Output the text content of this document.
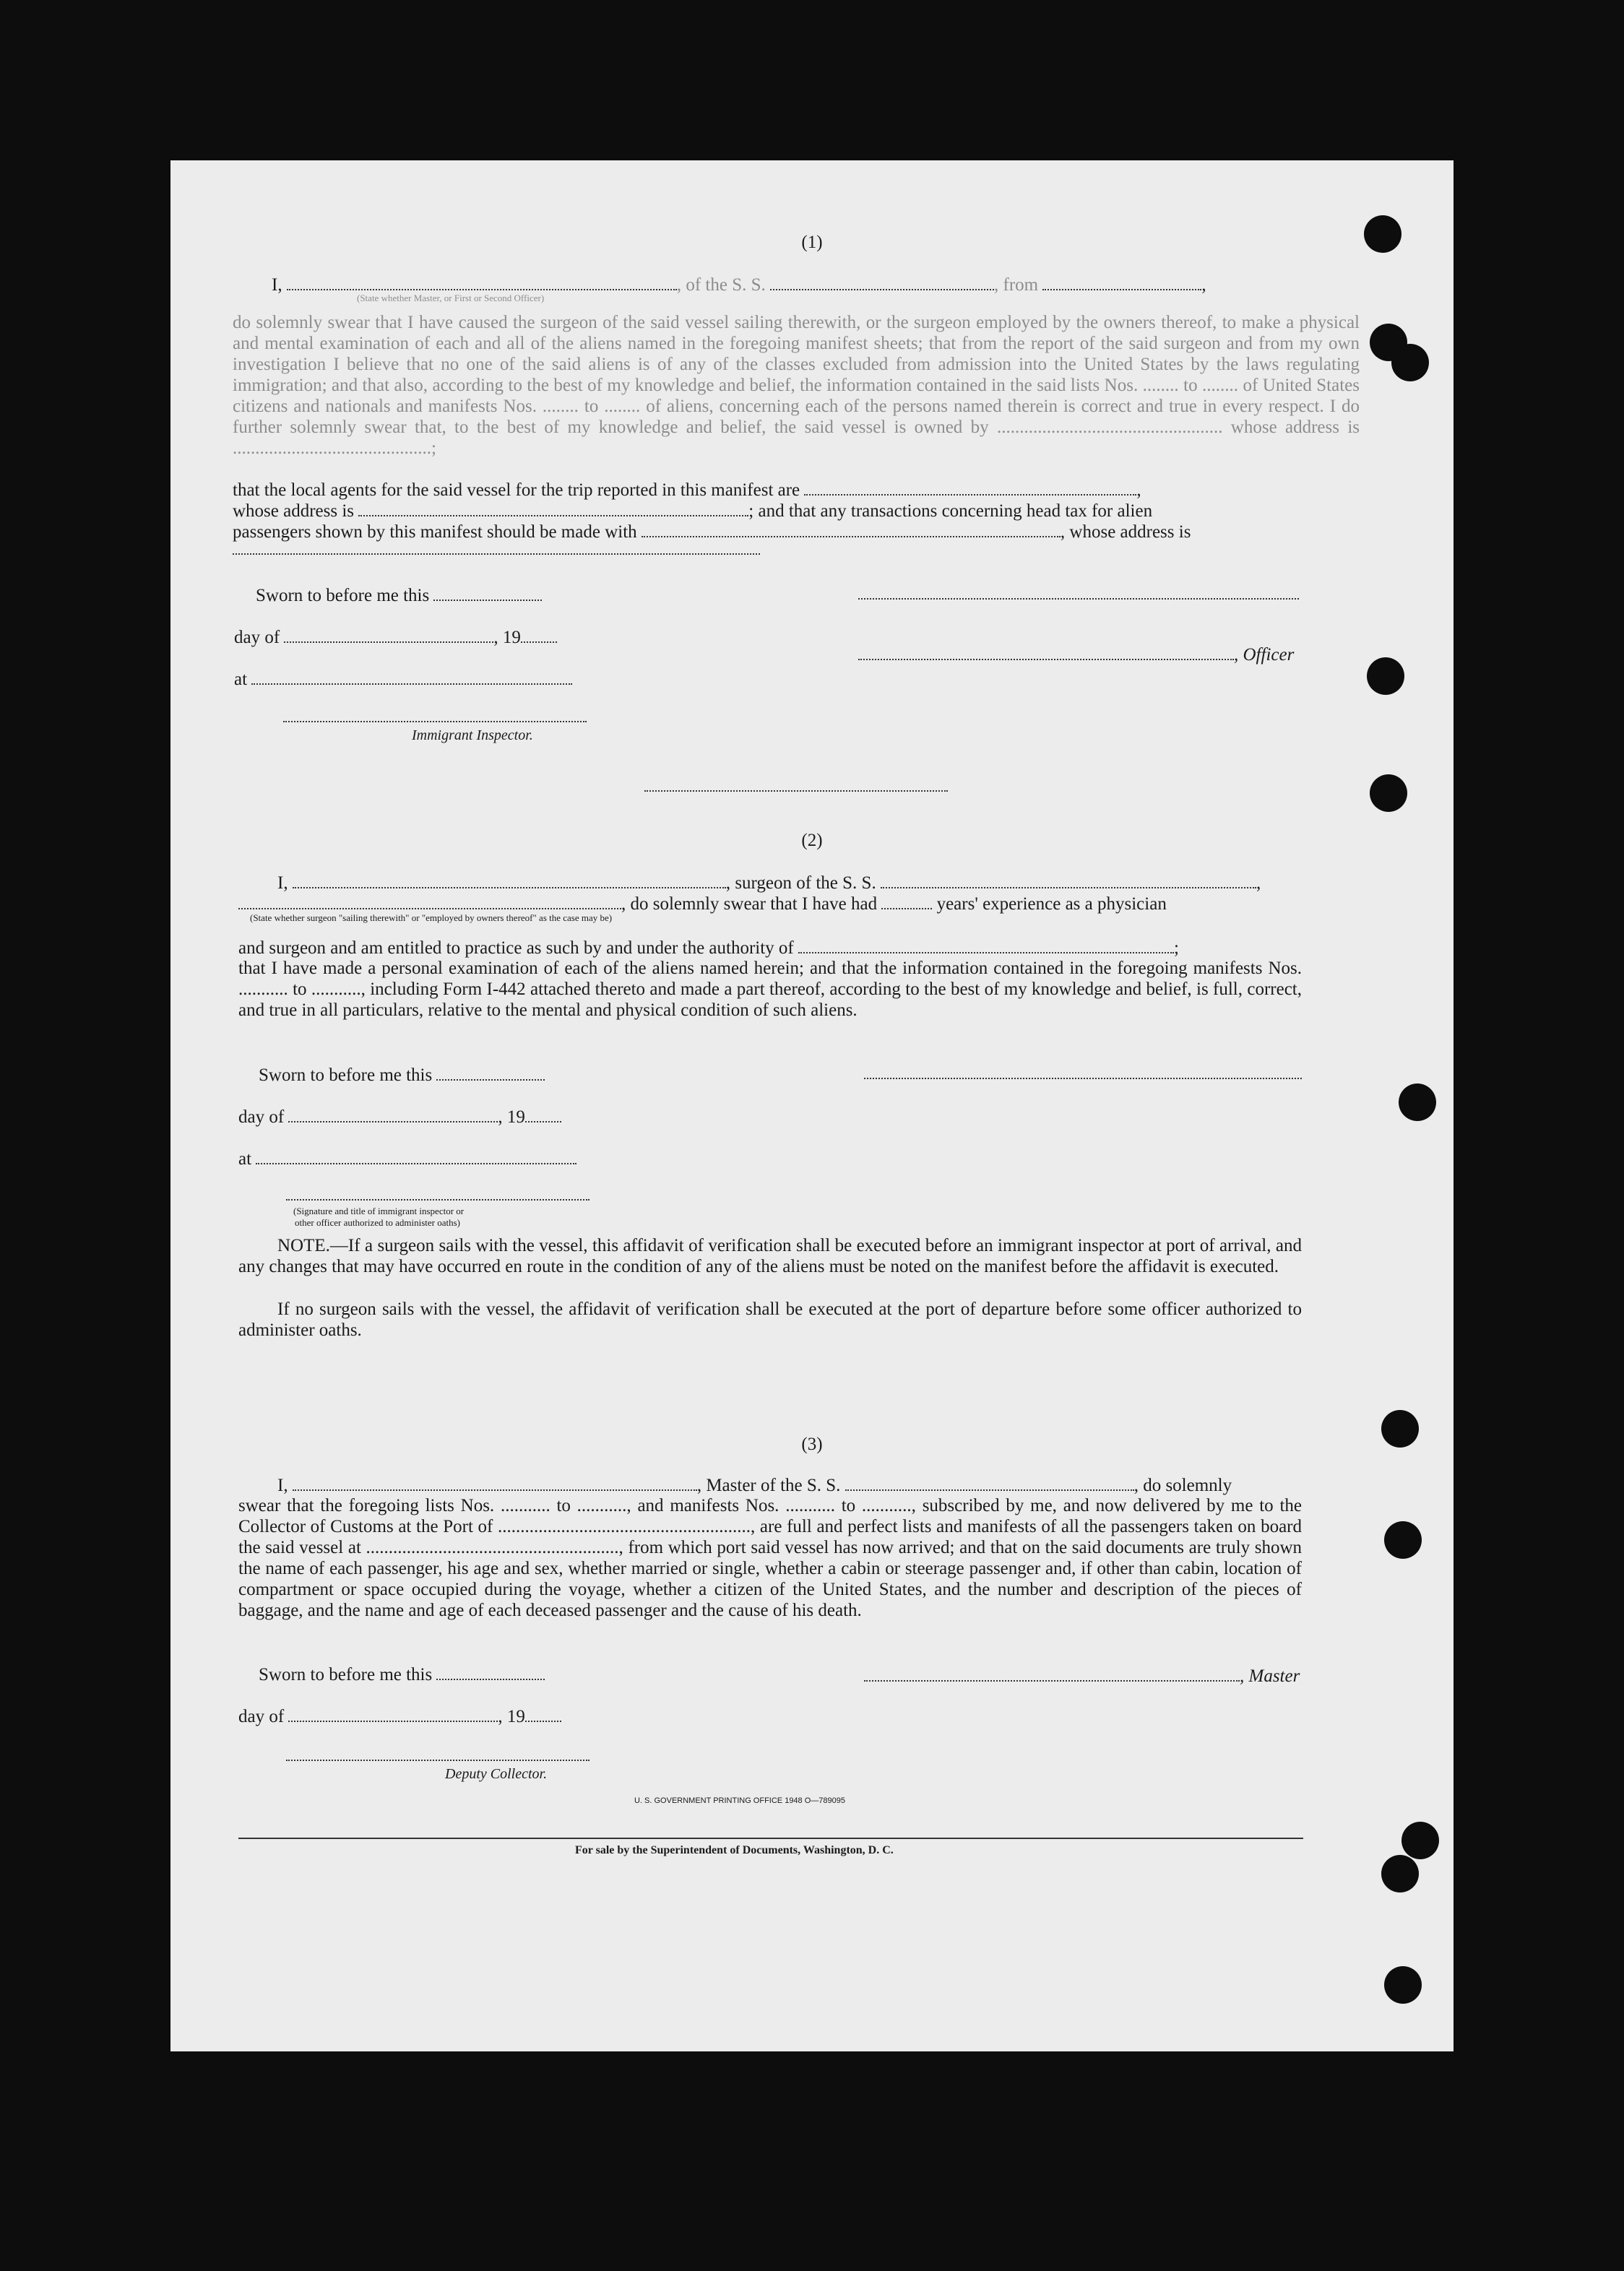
(1)
I,	, of the S. S.	, from	,
(State whether Master, or First or Second Officer)
do solemnly swear that I have caused the surgeon of the said vessel sailing therewith, or the surgeon employed by the owners thereof, to make a physical and mental examination of each and all of the aliens named in the foregoing manifest sheets; that from the report of the said surgeon and from my own investigation I believe that no one of the said aliens is of any of the classes excluded from admission into the United States by the laws regulating immigration; and that also, according to the best of my knowledge and belief, the information contained in the said lists Nos. ........ to ........ of United States citizens and nationals and manifests Nos. ........ to ........ of aliens, concerning each of the persons named therein is correct and true in every respect. I do further solemnly swear that, to the best of my knowledge and belief, the said vessel is owned by .................................................. whose address is ............................................;
that the local agents for the said vessel for the trip reported in this manifest are	,
whose address is	; and that any transactions concerning head tax for alien
passengers shown by this manifest should be made with	, whose address is
Sworn to before me this
day of	, 19
, Officer
at
Immigrant Inspector.
(2)
I,	, surgeon of the S. S.	,
, do solemnly swear that I have had	years' experience as a physician
(State whether surgeon "sailing therewith" or "employed by owners thereof" as the case may be)
and surgeon and am entitled to practice as such by and under the authority of	;
that I have made a personal examination of each of the aliens named herein; and that the information contained in the foregoing manifests Nos. ........... to ..........., including Form I-442 attached thereto and made a part thereof, according to the best of my knowledge and belief, is full, correct, and true in all particulars, relative to the mental and physical condition of such aliens.
Sworn to before me this
day of	, 19
at
(Signature and title of immigrant inspector or
other officer authorized to administer oaths)
NOTE.—If a surgeon sails with the vessel, this affidavit of verification shall be executed before an immigrant inspector at port of arrival, and any changes that may have occurred en route in the condition of any of the aliens must be noted on the manifest before the affidavit is executed.
If no surgeon sails with the vessel, the affidavit of verification shall be executed at the port of departure before some officer authorized to administer oaths.
(3)
I,	, Master of the S. S.	, do solemnly
swear that the foregoing lists Nos. ........... to ..........., and manifests Nos. ........... to ..........., subscribed by me, and now delivered by me to the Collector of Customs at the Port of ........................................................, are full and perfect lists and manifests of all the passengers taken on board the said vessel at ........................................................, from which port said vessel has now arrived; and that on the said documents are truly shown the name of each passenger, his age and sex, whether married or single, whether a cabin or steerage passenger and, if other than cabin, location of compartment or space occupied during the voyage, whether a citizen of the United States, and the number and description of the pieces of baggage, and the name and age of each deceased passenger and the cause of his death.
Sworn to before me this	, Master
day of	, 19
Deputy Collector.
U. S. GOVERNMENT PRINTING OFFICE 1948 O—789095
For sale by the Superintendent of Documents, Washington, D. C.
